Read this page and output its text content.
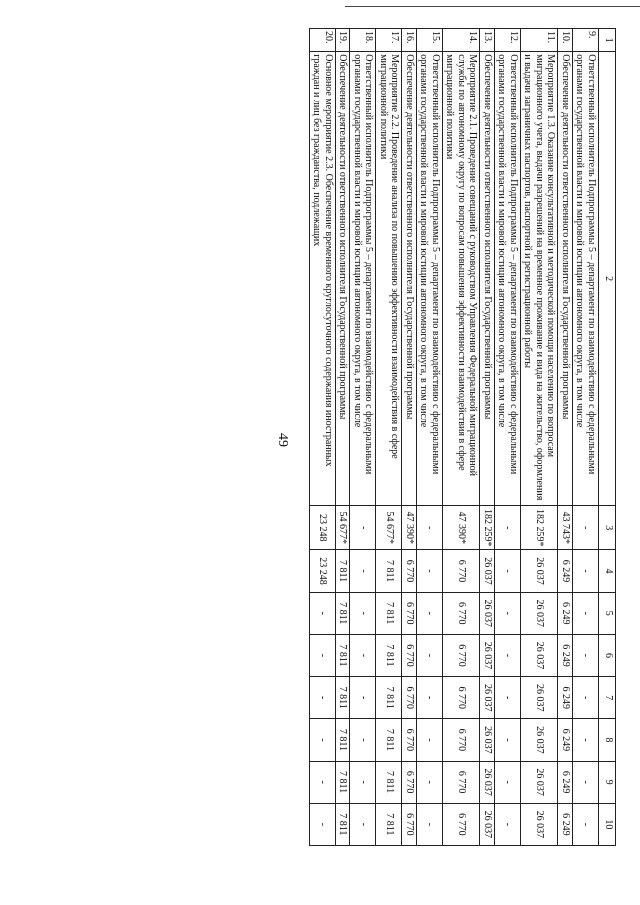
49
1	2	3	4	5	6	7	8	9	10
9.	Ответственный исполнитель Подпрограммы 5 – департамент по взаимодействию с федеральными органами государственной власти и мировой юстиции автономного округа, в том числе	-	-	-	-	-	-	-	-
10.	Обеспечение деятельности ответственного исполнителя Государственной программы	43 743*	6 249	6 249	6 249	6 249	6 249	6 249	6 249
11.	Мероприятие 1.3. Оказание консультативной и методической помощи населению по вопросам миграционного учета, выдачи разрешений на временное проживание и вида на жительство, оформления и выдачи заграничных паспортов, паспортной и регистрационной работы	182 259*	26 037	26 037	26 037	26 037	26 037	26 037	26 037
12.	Ответственный исполнитель Подпрограммы 5 – департамент по взаимодействию с федеральными органами государственной власти и мировой юстиции автономного округа, в том числе	-	-	-	-	-	-	-	-
13.	Обеспечение деятельности ответственного исполнителя Государственной программы	182 259*	26 037	26 037	26 037	26 037	26 037	26 037	26 037
14.	Мероприятие 2.1. Проведение совещаний с руководством Управления Федеральной миграционной службы по автономному округу по вопросам повышения эффективности взаимодействия в сфере миграционной политики	47 390*	6 770	6 770	6 770	6 770	6 770	6 770	6 770
15.	Ответственный исполнитель Подпрограммы 5 – департамент по взаимодействию с федеральными органами государственной власти и мировой юстиции автономного округа, в том числе	-	-	-	-	-	-	-	-
16.	Обеспечение деятельности ответственного исполнителя Государственной программы	47 390*	6 770	6 770	6 770	6 770	6 770	6 770	6 770
17.	Мероприятие 2.2. Проведение анализа по повышению эффективности взаимодействия в сфере миграционной политики	54 677*	7 811	7 811	7 811	7 811	7 811	7 811	7 811
18.	Ответственный исполнитель Подпрограммы 5 – департамент по взаимодействию с федеральными органами государственной власти и мировой юстиции автономного округа, в том числе	-	-	-	-	-	-	-	-
19.	Обеспечение деятельности ответственного исполнителя Государственной программы	54 677*	7 811	7 811	7 811	7 811	7 811	7 811	7 811
20.	Основное мероприятие 2.3. Обеспечение временного круглосуточного содержания иностранных граждан и лиц без гражданства, подлежащих	23 248	23 248	-	-	-	-	-	-
